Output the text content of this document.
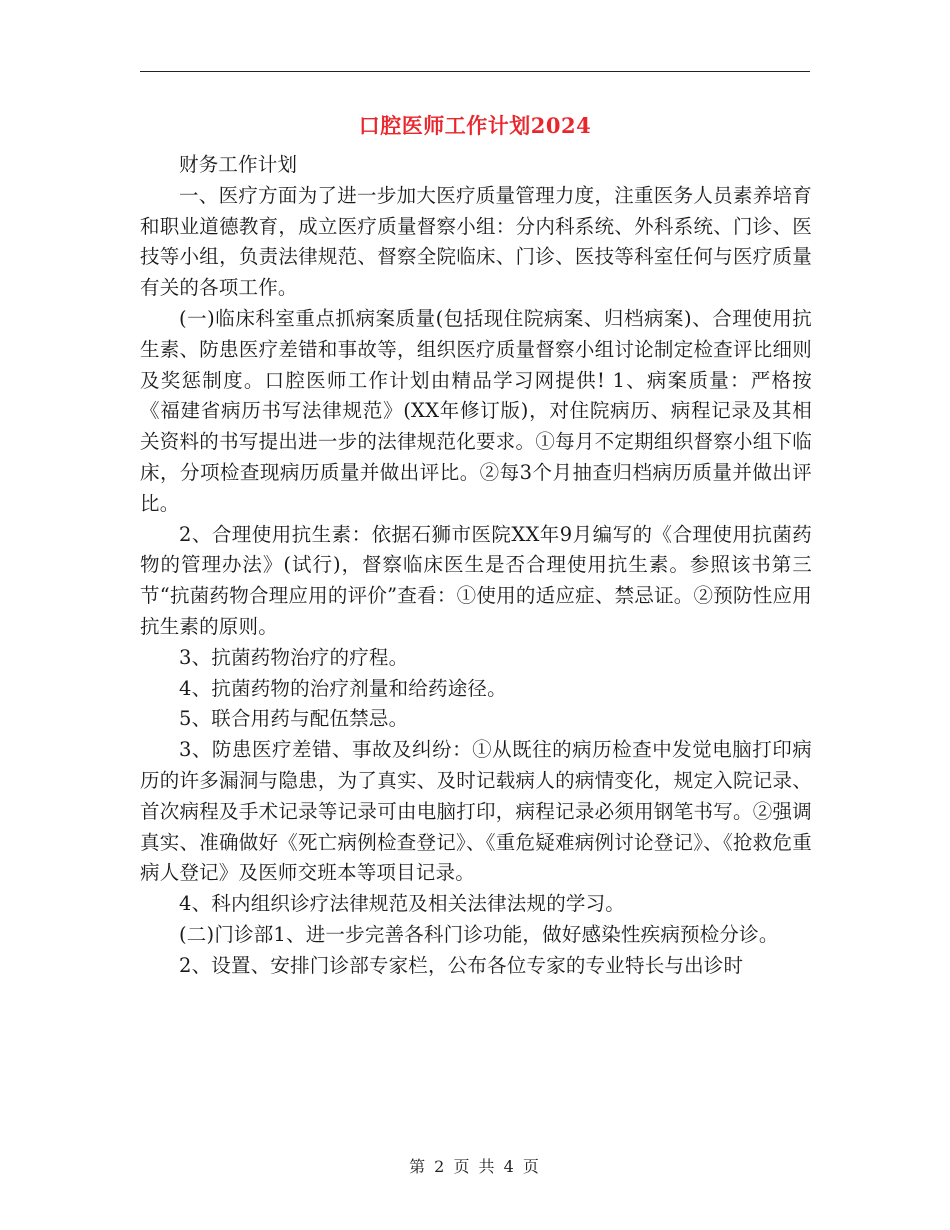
口腔医师工作计划2024

财务工作计划

一、医疗方面为了进一步加大医疗质量管理力度，注重医务人员素养培育和职业道德教育，成立医疗质量督察小组：分内科系统、外科系统、门诊、医技等小组，负责法律规范、督察全院临床、门诊、医技等科室任何与医疗质量有关的各项工作。

(一)临床科室重点抓病案质量(包括现住院病案、归档病案)、合理使用抗生素、防患医疗差错和事故等，组织医疗质量督察小组讨论制定检查评比细则及奖惩制度。口腔医师工作计划由精品学习网提供! 1、病案质量：严格按《福建省病历书写法律规范》(XX年修订版)，对住院病历、病程记录及其相关资料的书写提出进一步的法律规范化要求。①每月不定期组织督察小组下临床，分项检查现病历质量并做出评比。②每3个月抽查归档病历质量并做出评比。

2、合理使用抗生素：依据石狮市医院XX年9月编写的《合理使用抗菌药物的管理办法》(试行)，督察临床医生是否合理使用抗生素。参照该书第三节“抗菌药物合理应用的评价”查看：①使用的适应症、禁忌证。②预防性应用抗生素的原则。

3、抗菌药物治疗的疗程。

4、抗菌药物的治疗剂量和给药途径。

5、联合用药与配伍禁忌。

3、防患医疗差错、事故及纠纷：①从既往的病历检查中发觉电脑打印病历的许多漏洞与隐患，为了真实、及时记载病人的病情变化，规定入院记录、首次病程及手术记录等记录可由电脑打印，病程记录必须用钢笔书写。②强调真实、准确做好《死亡病例检查登记》、《重危疑难病例讨论登记》、《抢救危重病人登记》及医师交班本等项目记录。

4、科内组织诊疗法律规范及相关法律法规的学习。

(二)门诊部1、进一步完善各科门诊功能，做好感染性疾病预检分诊。

2、设置、安排门诊部专家栏，公布各位专家的专业特长与出诊时

第 2 页 共 4 页
